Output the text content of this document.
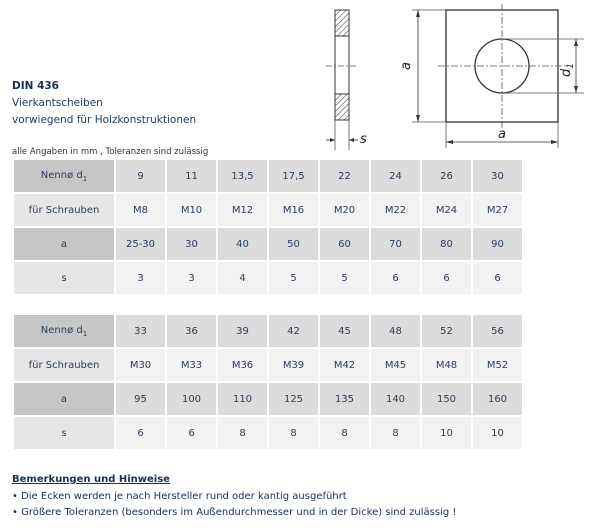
DIN 436
Vierkantscheiben
vorwiegend für Holzkonstruktionen
alle Angaben in mm , Toleranzen sind zulässig
s
a
$d_1$
a
Nennø $d_1$	9	11	13,5	17,5	22	24	26	30
für Schrauben	M8	M10	M12	M16	M20	M22	M24	M27
a	25-30	30	40	50	60	70	80	90
s	3	3	4	5	5	6	6	6
Nennø $d_1$	33	36	39	42	45	48	52	56
für Schrauben	M30	M33	M36	M39	M42	M45	M48	M52
a	95	100	110	125	135	140	150	160
s	6	6	8	8	8	8	10	10
Bemerkungen und Hinweise
• Die Ecken werden je nach Hersteller rund oder kantig ausgeführt
• Größere Toleranzen (besonders im Außendurchmesser und in der Dicke) sind zulässig !
